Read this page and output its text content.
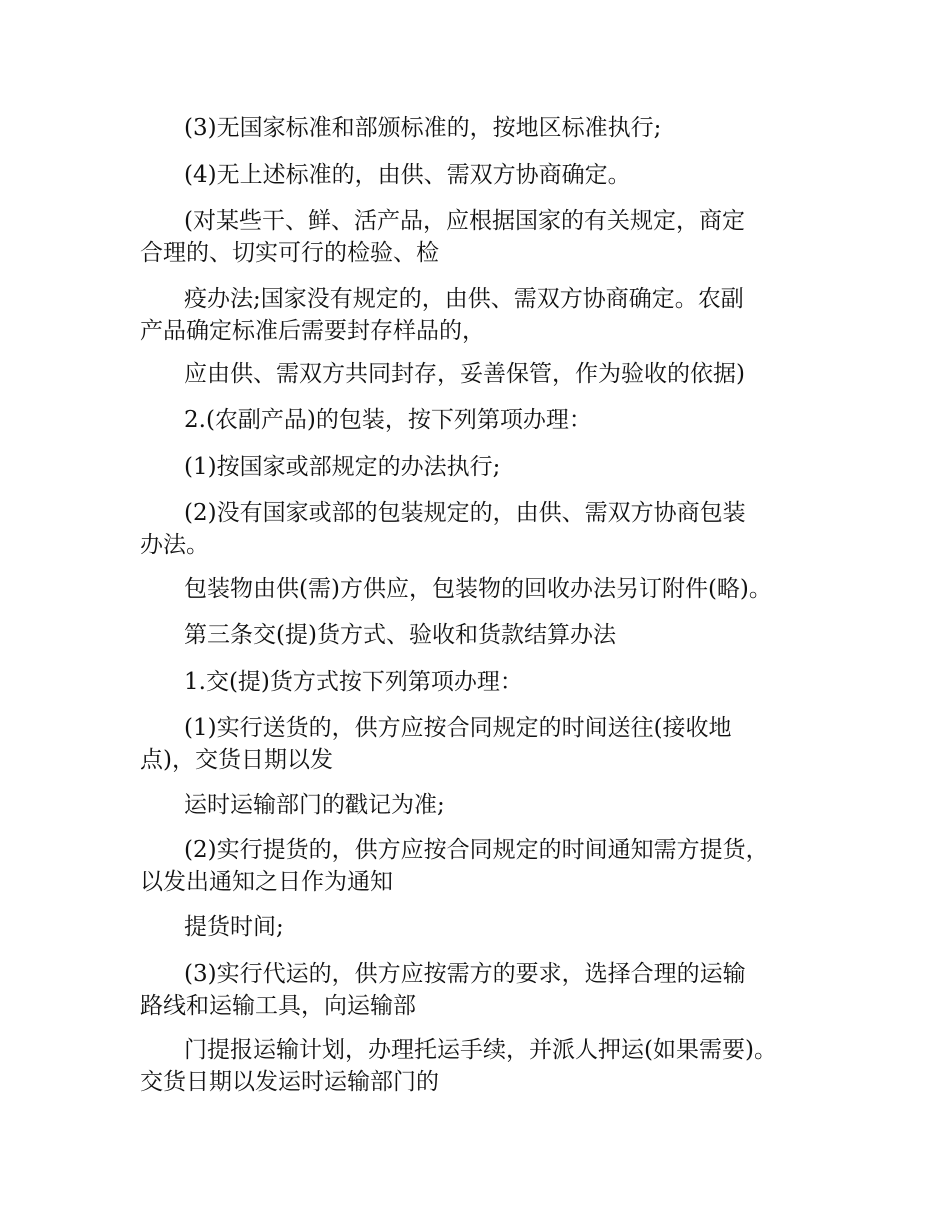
(3)无国家标准和部颁标准的，按地区标准执行;

(4)无上述标准的，由供、需双方协商确定。

(对某些干、鲜、活产品，应根据国家的有关规定，商定
合理的、切实可行的检验、检

疫办法;国家没有规定的，由供、需双方协商确定。农副
产品确定标准后需要封存样品的，

应由供、需双方共同封存，妥善保管，作为验收的依据)

2.(农副产品)的包装，按下列第项办理：

(1)按国家或部规定的办法执行;

(2)没有国家或部的包装规定的，由供、需双方协商包装
办法。

包装物由供(需)方供应，包装物的回收办法另订附件(略)。

第三条交(提)货方式、验收和货款结算办法

1.交(提)货方式按下列第项办理：

(1)实行送货的，供方应按合同规定的时间送往(接收地
点)，交货日期以发

运时运输部门的戳记为准;

(2)实行提货的，供方应按合同规定的时间通知需方提货，
以发出通知之日作为通知

提货时间;

(3)实行代运的，供方应按需方的要求，选择合理的运输
路线和运输工具，向运输部

门提报运输计划，办理托运手续，并派人押运(如果需要)。
交货日期以发运时运输部门的
